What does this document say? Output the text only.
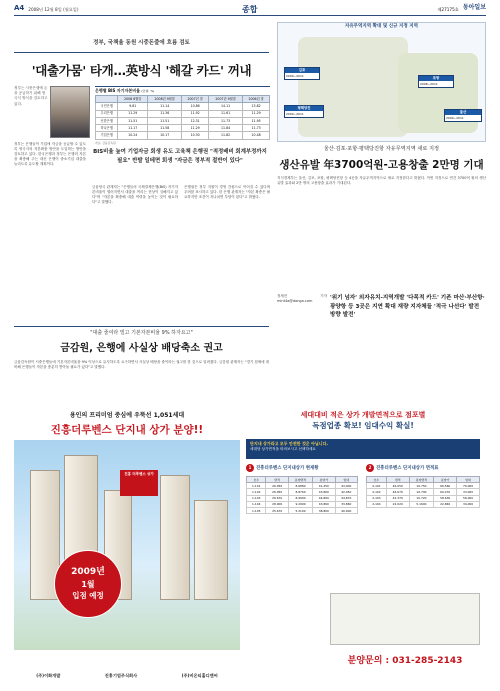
A4 2008년 12월 8일 (월요일)	종합	제27175호 동아일보
정부, 국책율 동원 시중돈줄에 흐름 검토
'대출가뭄' 타개…英방식 '해갈 카드' 꺼내
정부는 시중은행에 돈을 공급하기 위해 영국식 방식을 검토하고 있다.
은행별 BIS 자기자본비율 (단위: %)
	2008 6월말	2008년 9월말	2007년 말	2007년 9월말	2006년 말
국민은행	9.81	11.14	10.86	14.11	13.82
우리은행	11.29	11.36	11.92	11.61	11.29
신한은행	11.51	11.51	12.31	11.73	11.95
하나은행	11.17	11.58	11.29	11.84	11.73
기업은행	10.24	10.17	10.30	11.82	10.48
자료: 금융감독원
BIS비율 높여 기업자금 회생 유도 고육책 은행권 "적정배비 회계부정까지 필요" 반발 일테면 회생 "자금은 정부적 절반이 있다"
정부는 은행들이 기업에 자금을 공급할 수 있도록 영국식의 자본확충 방안을 도입하는 방안을 검토하고 있다. 한국은행과 정부는 은행의 자본을 확충해 주는 대신 은행이 중소기업 대출을 늘리도록 유도할 계획이다.
금융당국 관계자는 "은행들의 국제결제은행(BIS) 자기자본비율이 떨어지면서 대출을 꺼리는 현상이 심해지고 있다"며 "자본을 확충해 대출 여력을 높이는 것이 필요하다"고 말했다.
은행권은 정부 지원이 경영 간섭으로 이어질 수 있다며 우려를 표시하고 있다. 한 은행 관계자는 "자본 확충은 필요하지만 조건이 지나치면 부담이 된다"고 밝혔다.
"대출 줄여라 빌고 기본자본비율 9% 하자요고"
금감원, 은행에 사실상 배당축소 권고
금융감독원이 시중은행들에 기본자본비율을 9% 이상으로 유지하도록 요구하면서 사실상 배당을 줄이라는 권고를 한 것으로 알려졌다. 금감원 관계자는 "경기 침체에 대비해 은행들이 자본을 충분히 쌓아둘 필요가 있다"고 말했다.
자유무역지역 확대 및 신규 지정 지역
김포
2009~2011
평택당진
2009~2011
포항
2008~2011
울산
2009~2011
울산·김포·포항·평택당진항 자유무역지역 새로 지정
생산유발 年3700억원-고용창출 2만명 기대
지식경제부는 울산, 김포, 포항, 평택당진항 등 4곳을 자유무역지역으로 새로 지정한다고 밝혔다. 이번 지정으로 연간 3700억 원의 생산유발 효과와 2만 명의 고용창출 효과가 기대된다.
정세진 기자 mint4a@donga.com
'위기 넘자' 외자유치-지역개발 '다목적 카드' 기존 마산·부산항·광양항 등 3곳은 지연 확대 재량 지자체들 '적극 나선다' 발전 방향 발전'
용인의 프리미엄 중심에 우뚝선 1,051세대
진흥더루벤스 단지내 상가 분양!!
진흥 더루벤스 상가
2009년
1월
입점 예정
(주)이화개발	진흥기업주식회사	(주)비온티홀디엔씨
세대대비 적은 상가 개발면적으로 점포별
독점업종 확보! 임대수익 확실!
단지내 상가라고 모두 안전한 것은 아닙니다.
세대당 상가면적을 따져보시고 선택하세요
1 진흥더루벤스 단지내상가 현재황
호수	면적	분양면적	분양가	임대
1-101	26.050	8.6880	41,450	43,000
1-102	26.050	8.8760	43,800	42,050
1-103	26.670	8.9990	44,800	44,870
1-104	28.000	9.2990	43,860	33,860
1-105	25.670	5.2100	38,800	40,000
2 진흥더루벤스 단지내상가 면적표
호수	면적	분양면적	분양가	임대
2-101	46.050	10.750	66,560	70,000
2-102	46.670	10.790	60,470	33,000
2-103	42.370	10.720	58,630	56,000
2-104	22.020	5.1600	22,840	34,000
분양문의 : 031-285-2143
